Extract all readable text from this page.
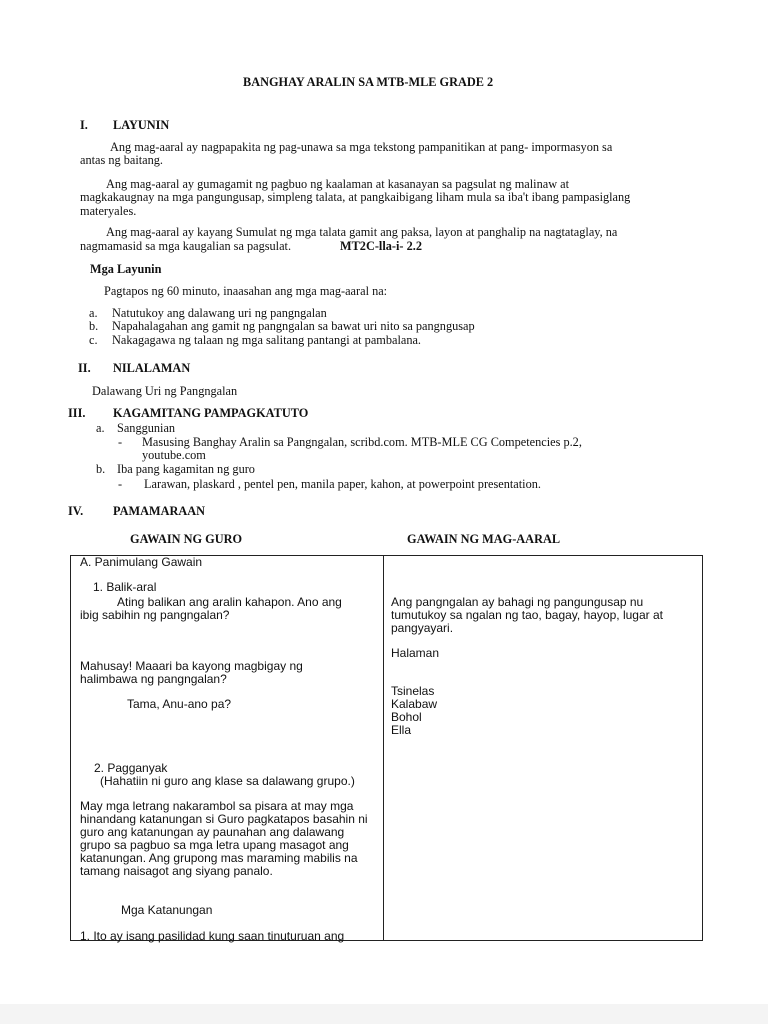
BANGHAY ARALIN SA MTB-MLE GRADE 2
I. LAYUNIN
Ang mag-aaral ay nagpapakita ng pag-unawa sa mga tekstong pampanitikan at pang- impormasyon sa
antas ng baitang.
Ang mag-aaral ay gumagamit ng pagbuo ng kaalaman at kasanayan sa pagsulat ng malinaw at
magkakaugnay na mga pangungusap, simpleng talata, at pangkaibigang liham mula sa iba't ibang pampasiglang
materyales.
Ang mag-aaral ay kayang Sumulat ng mga talata gamit ang paksa, layon at panghalip na nagtataglay, na
nagmamasid sa mga kaugalian sa pagsulat.	MT2C-lla-i- 2.2
Mga Layunin
Pagtapos ng 60 minuto, inaasahan ang mga mag-aaral na:
a. Natutukoy ang dalawang uri ng pangngalan
b. Napahalagahan ang gamit ng pangngalan sa bawat uri nito sa pangngusap
c. Nakagagawa ng talaan ng mga salitang pantangi at pambalana.
II. NILALAMAN
Dalawang Uri ng Pangngalan
III. KAGAMITANG PAMPAGKATUTO
a. Sanggunian
- Masusing Banghay Aralin sa Pangngalan, scribd.com. MTB-MLE CG Competencies p.2,
youtube.com
b. Iba pang kagamitan ng guro
- Larawan, plaskard , pentel pen, manila paper, kahon, at powerpoint presentation.
IV. PAMAMARAAN
GAWAIN NG GURO	GAWAIN NG MAG-AARAL
A. Panimulang Gawain
1. Balik-aral
Ating balikan ang aralin kahapon. Ano ang
ibig sabihin ng pangngalan?
Mahusay! Maaari ba kayong magbigay ng
halimbawa ng pangngalan?
Tama, Anu-ano pa?
2. Pagganyak
(Hahatiin ni guro ang klase sa dalawang grupo.)
May mga letrang nakarambol sa pisara at may mga
hinandang katanungan si Guro pagkatapos basahin ni
guro ang katanungan ay paunahan ang dalawang
grupo sa pagbuo sa mga letra upang masagot ang
katanungan. Ang grupong mas maraming mabilis na
tamang naisagot ang siyang panalo.
Mga Katanungan
1. Ito ay isang pasilidad kung saan tinuturuan ang
Ang pangngalan ay bahagi ng pangungusap nu
tumutukoy sa ngalan ng tao, bagay, hayop, lugar at
pangyayari.
Halaman
Tsinelas
Kalabaw
Bohol
Ella
